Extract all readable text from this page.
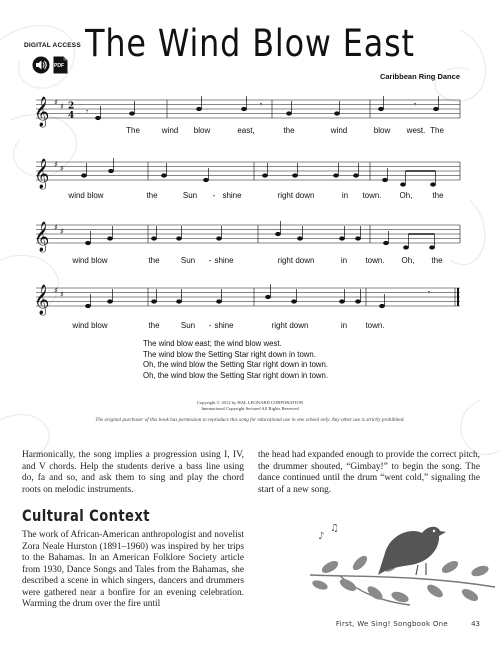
DIGITAL ACCESS
PDF
The Wind Blow East
Caribbean Ring Dance
𝄞 ♯ ♯ 2
4 𝄾
𝄾	𝄾
The	wind blow	east,	the	wind	blow west. The
𝄞 ♯ ♯
wind blow	the	Sun - shine	right down	in town. Oh, the
𝄞 ♯ ♯
wind blow	the	Sun - shine	right down	in town. Oh, the
𝄞 ♯ ♯	𝄾
wind blow	the	Sun - shine	right down	in town.
The wind blow east; the wind blow west.
The wind blow the Setting Star right down in town.
Oh, the wind blow the Setting Star right down in town.
Oh, the wind blow the Setting Star right down in town.
Copyright © 2012 by HAL LEONARD CORPORATION
International Copyright Secured All Rights Reserved
The original purchaser of this book has permission to reproduce this song for educational use in one school only. Any other use is strictly prohibited.

Harmonically, the song implies a progression using I, IV, and V chords. Help the students derive a bass line using do, fa and so, and ask them to sing and play the chord roots on melodic instruments.

the head had expanded enough to provide the correct pitch, the drummer shouted, “Gimbay!” to begin the song. The dance continued until the drum “went cold,” signaling the start of a new song.

Cultural Context

The work of African-American anthropologist and novelist Zora Neale Hurston (1891–1960) was inspired by her trips to the Bahamas. In an American Folklore Society article from 1930, Dance Songs and Tales from the Bahamas, she described a scene in which singers, dancers and drummers were gathered near a bonfire for an evening celebration. Warming the drum over the fire until

♪
♫
First, We Sing! Songbook One	43
